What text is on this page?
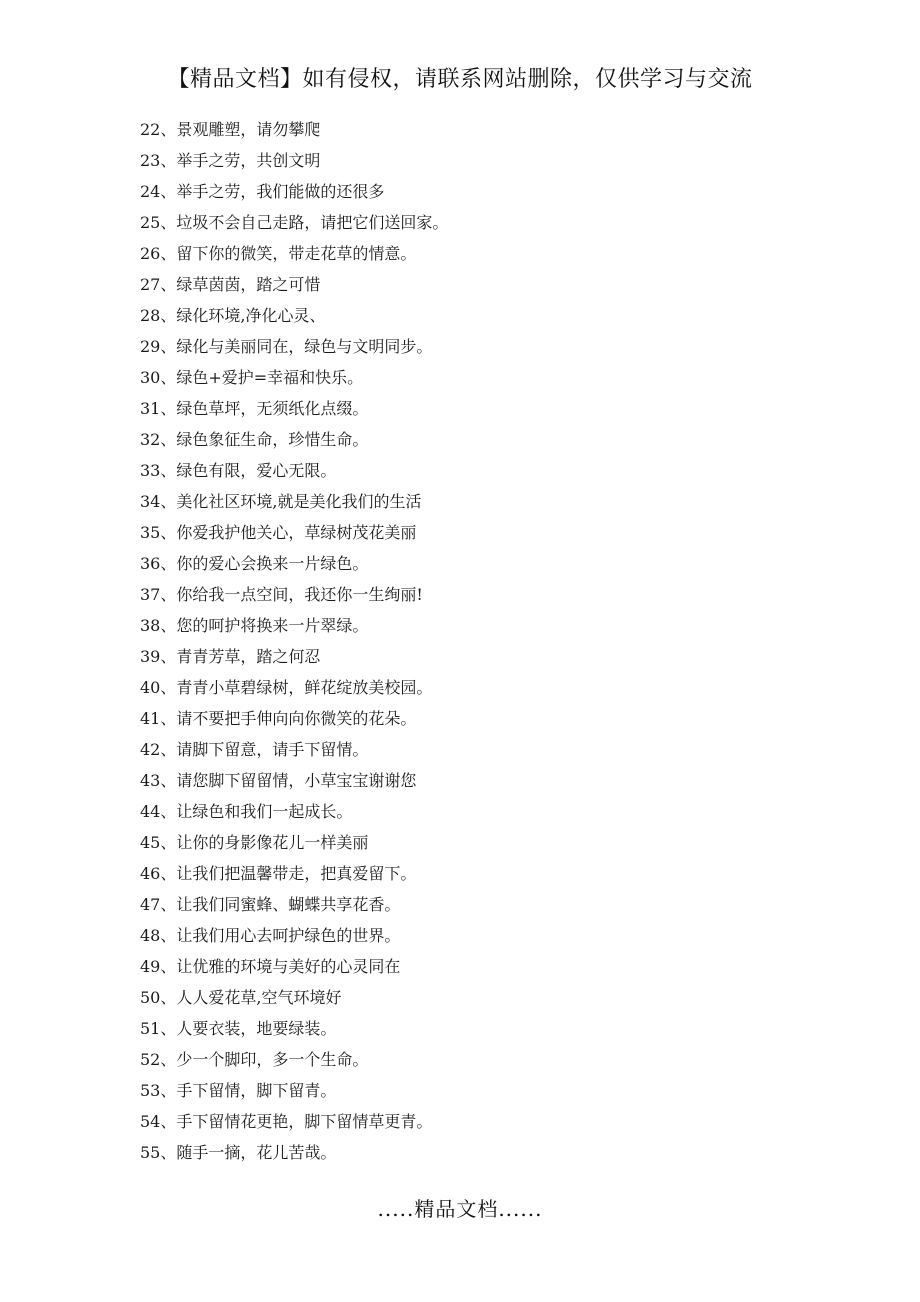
【精品文档】如有侵权，请联系网站删除，仅供学习与交流
22、景观雕塑，请勿攀爬
23、举手之劳，共创文明
24、举手之劳，我们能做的还很多
25、垃圾不会自己走路，请把它们送回家。
26、留下你的微笑，带走花草的情意。
27、绿草茵茵，踏之可惜
28、绿化环境,净化心灵、
29、绿化与美丽同在，绿色与文明同步。
30、绿色+爱护=幸福和快乐。
31、绿色草坪，无须纸化点缀。
32、绿色象征生命，珍惜生命。
33、绿色有限，爱心无限。
34、美化社区环境,就是美化我们的生活
35、你爱我护他关心，草绿树茂花美丽
36、你的爱心会换来一片绿色。
37、你给我一点空间，我还你一生绚丽!
38、您的呵护将换来一片翠绿。
39、青青芳草，踏之何忍
40、青青小草碧绿树，鲜花绽放美校园。
41、请不要把手伸向向你微笑的花朵。
42、请脚下留意，请手下留情。
43、请您脚下留留情，小草宝宝谢谢您
44、让绿色和我们一起成长。
45、让你的身影像花儿一样美丽
46、让我们把温馨带走，把真爱留下。
47、让我们同蜜蜂、蝴蝶共享花香。
48、让我们用心去呵护绿色的世界。
49、让优雅的环境与美好的心灵同在
50、人人爱花草,空气环境好
51、人要衣装，地要绿装。
52、少一个脚印，多一个生命。
53、手下留情，脚下留青。
54、手下留情花更艳，脚下留情草更青。
55、随手一摘，花儿苦哉。
.....精品文档......
